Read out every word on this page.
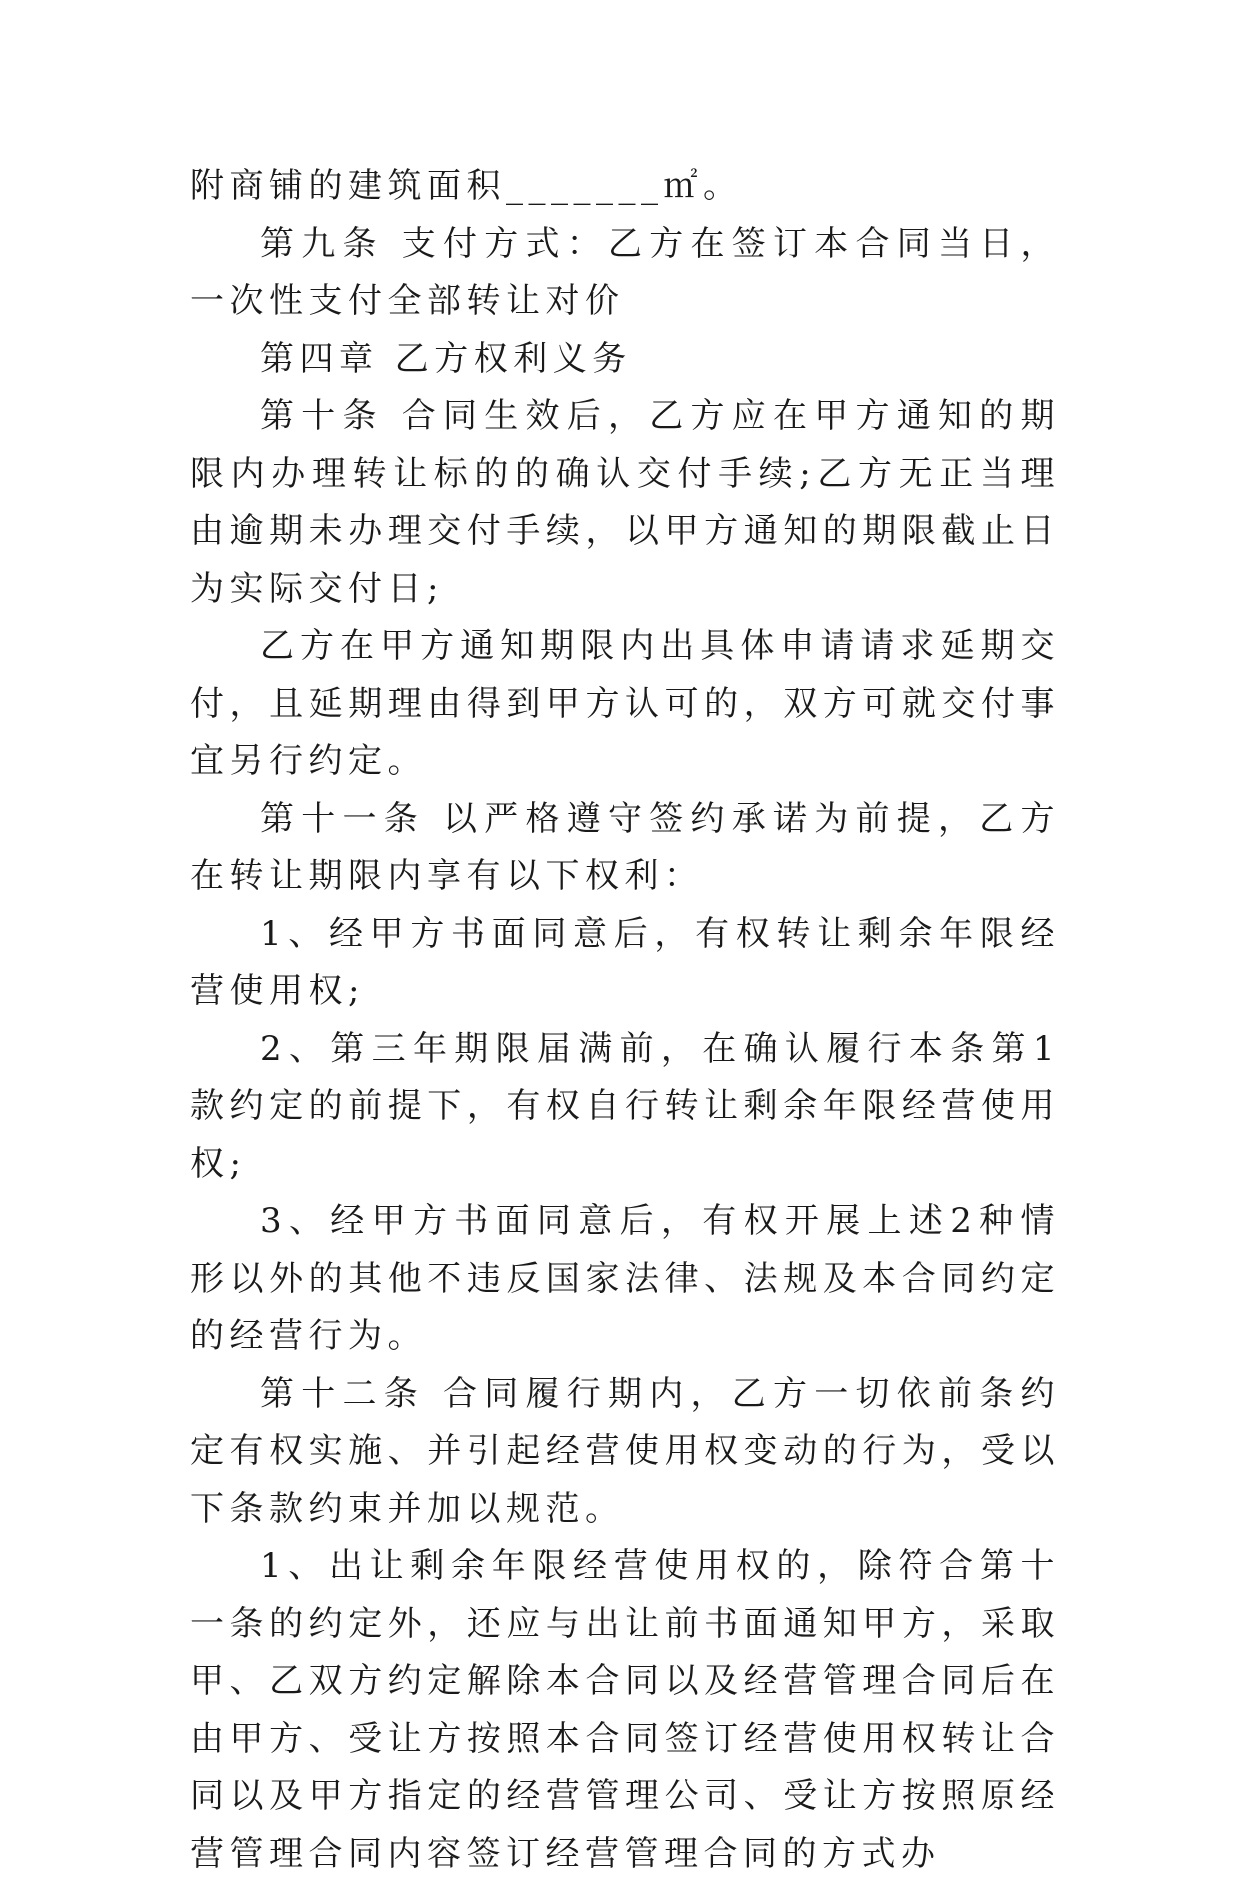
附商铺的建筑面积_______㎡。

第九条 支付方式：乙方在签订本合同当日，一次性支付全部转让对价

第四章 乙方权利义务

第十条 合同生效后，乙方应在甲方通知的期限内办理转让标的的确认交付手续;乙方无正当理由逾期未办理交付手续，以甲方通知的期限截止日为实际交付日;

乙方在甲方通知期限内出具体申请请求延期交付，且延期理由得到甲方认可的，双方可就交付事宜另行约定。

第十一条 以严格遵守签约承诺为前提，乙方在转让期限内享有以下权利：

1、经甲方书面同意后，有权转让剩余年限经营使用权;

2、第三年期限届满前，在确认履行本条第1款约定的前提下，有权自行转让剩余年限经营使用权;

3、经甲方书面同意后，有权开展上述2种情形以外的其他不违反国家法律、法规及本合同约定的经营行为。

第十二条 合同履行期内，乙方一切依前条约定有权实施、并引起经营使用权变动的行为，受以下条款约束并加以规范。

1、出让剩余年限经营使用权的，除符合第十一条的约定外，还应与出让前书面通知甲方，采取甲、乙双方约定解除本合同以及经营管理合同后在由甲方、受让方按照本合同签订经营使用权转让合同以及甲方指定的经营管理公司、受让方按照原经营管理合同内容签订经营管理合同的方式办
